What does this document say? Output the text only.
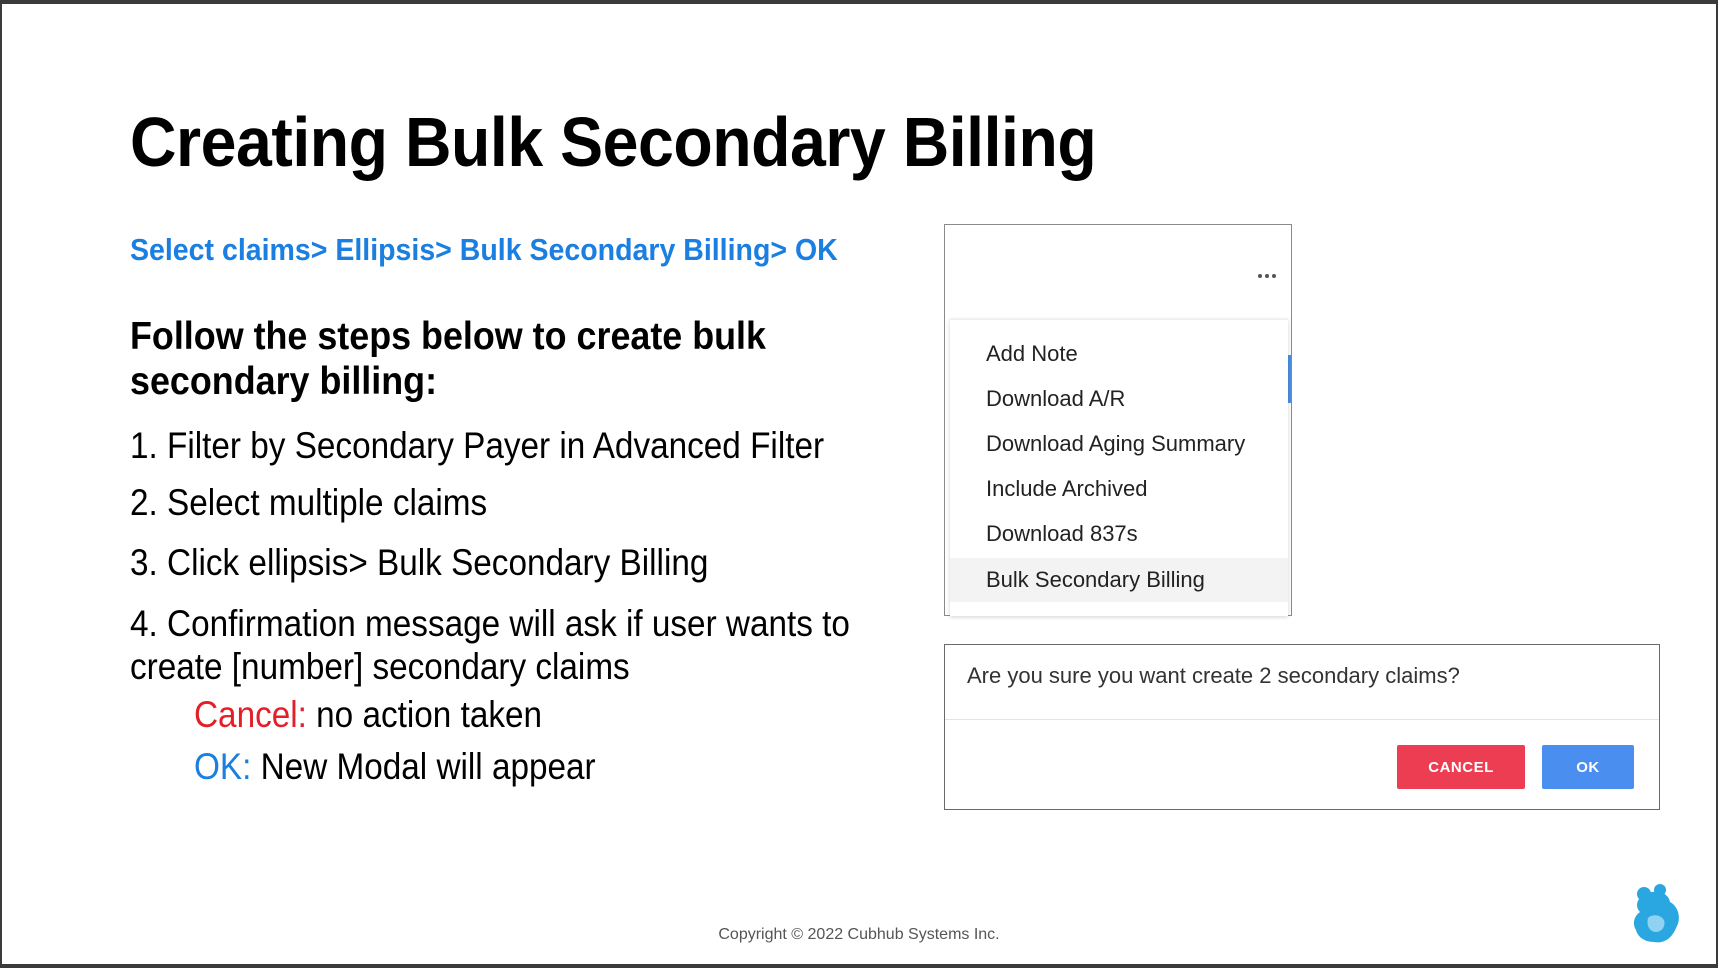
Creating Bulk Secondary Billing
Select claims> Ellipsis> Bulk Secondary Billing> OK
Follow the steps below to create bulk secondary billing:
1. Filter by Secondary Payer in Advanced Filter
2. Select multiple claims
3. Click ellipsis> Bulk Secondary Billing
4. Confirmation message will ask if user wants to
create [number] secondary claims
Cancel: no action taken
OK: New Modal will appear
Add Note
Download A/R
Download Aging Summary
Include Archived
Download 837s
Bulk Secondary Billing
Are you sure you want create 2 secondary claims?
CANCEL	OK
Copyright © 2022 Cubhub Systems Inc.
